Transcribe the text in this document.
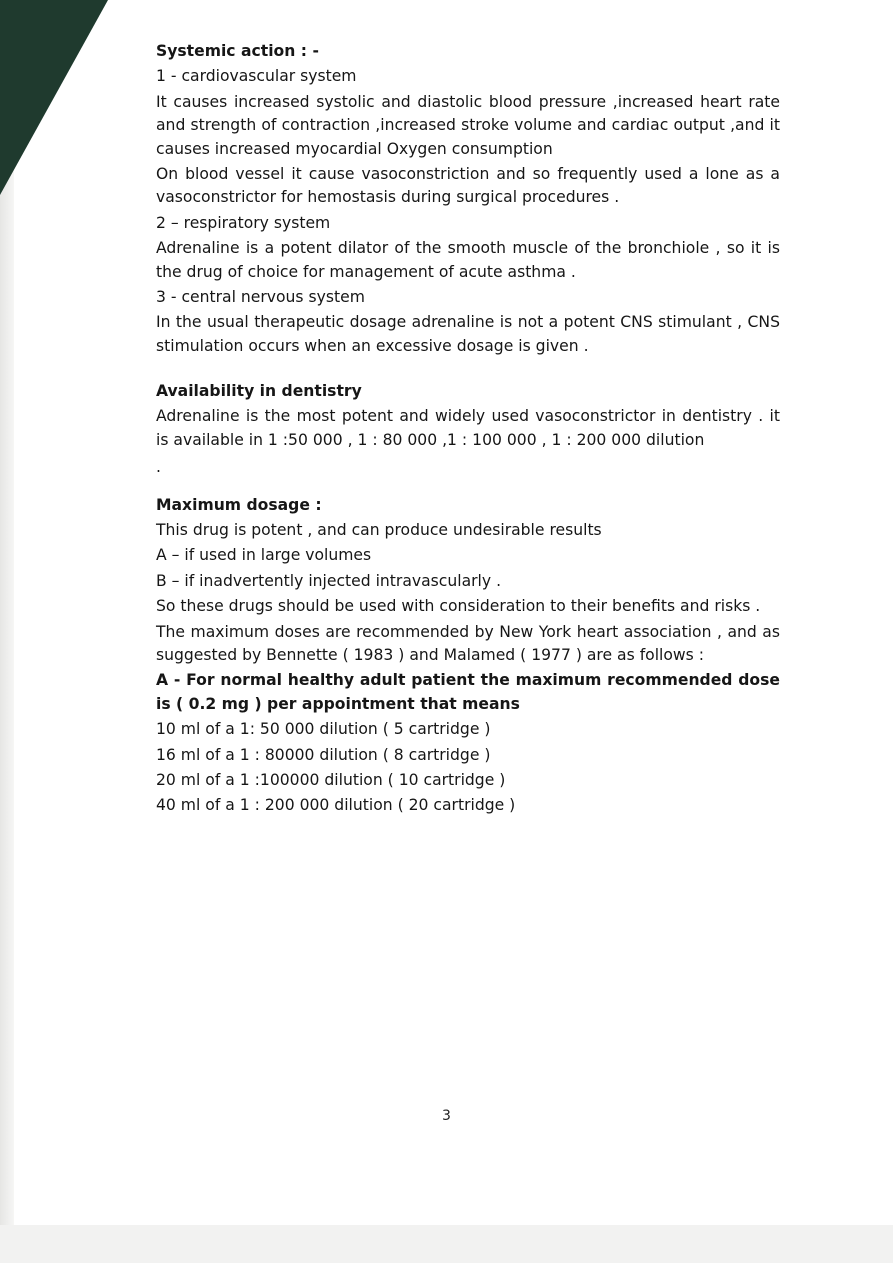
Systemic action : -

1 - cardiovascular system

It causes increased systolic and diastolic blood pressure ,increased heart rate and strength of contraction ,increased stroke volume and cardiac output ,and it causes increased myocardial Oxygen consumption

On blood vessel it cause vasoconstriction and so frequently used a lone as a vasoconstrictor for hemostasis during surgical procedures .

2 – respiratory system

Adrenaline is a potent dilator of the smooth muscle of the bronchiole , so it is the drug of choice for management of acute asthma .

3 - central nervous system

In the usual therapeutic dosage adrenaline is not a potent CNS stimulant , CNS stimulation occurs when an excessive dosage is given .

Availability in dentistry

Adrenaline is the most potent and widely used vasoconstrictor in dentistry . it is available in 1 :50 000 , 1 : 80 000 ,1 : 100 000 , 1 : 200 000 dilution

.

Maximum dosage :

This drug is potent , and can produce undesirable results

A – if used in large volumes

B – if inadvertently injected intravascularly .

So these drugs should be used with consideration to their benefits and risks .

The maximum doses are recommended by New York heart association , and as suggested by Bennette ( 1983 ) and Malamed ( 1977 ) are as follows :

A - For normal healthy adult patient the maximum recommended dose is ( 0.2 mg ) per appointment that means

10 ml of a 1: 50 000 dilution ( 5 cartridge )

16 ml of a 1 : 80000 dilution ( 8 cartridge )

20 ml of a 1 :100000 dilution ( 10 cartridge )

40 ml of a 1 : 200 000 dilution ( 20 cartridge )

3
